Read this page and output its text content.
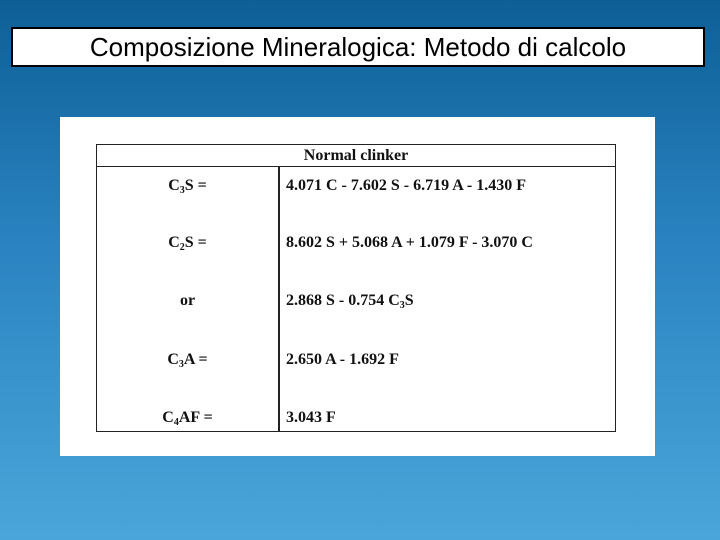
Composizione Mineralogica: Metodo di calcolo
Normal clinker
$C_3S$ =	4.071 C - 7.602 S - 6.719 A - 1.430 F
$C_2S$ =	8.602 S + 5.068 A + 1.079 F - 3.070 C
or	2.868 S - 0.754 $C_3S$
$C_3A$ =	2.650 A - 1.692 F
$C_4AF$ =	3.043 F
